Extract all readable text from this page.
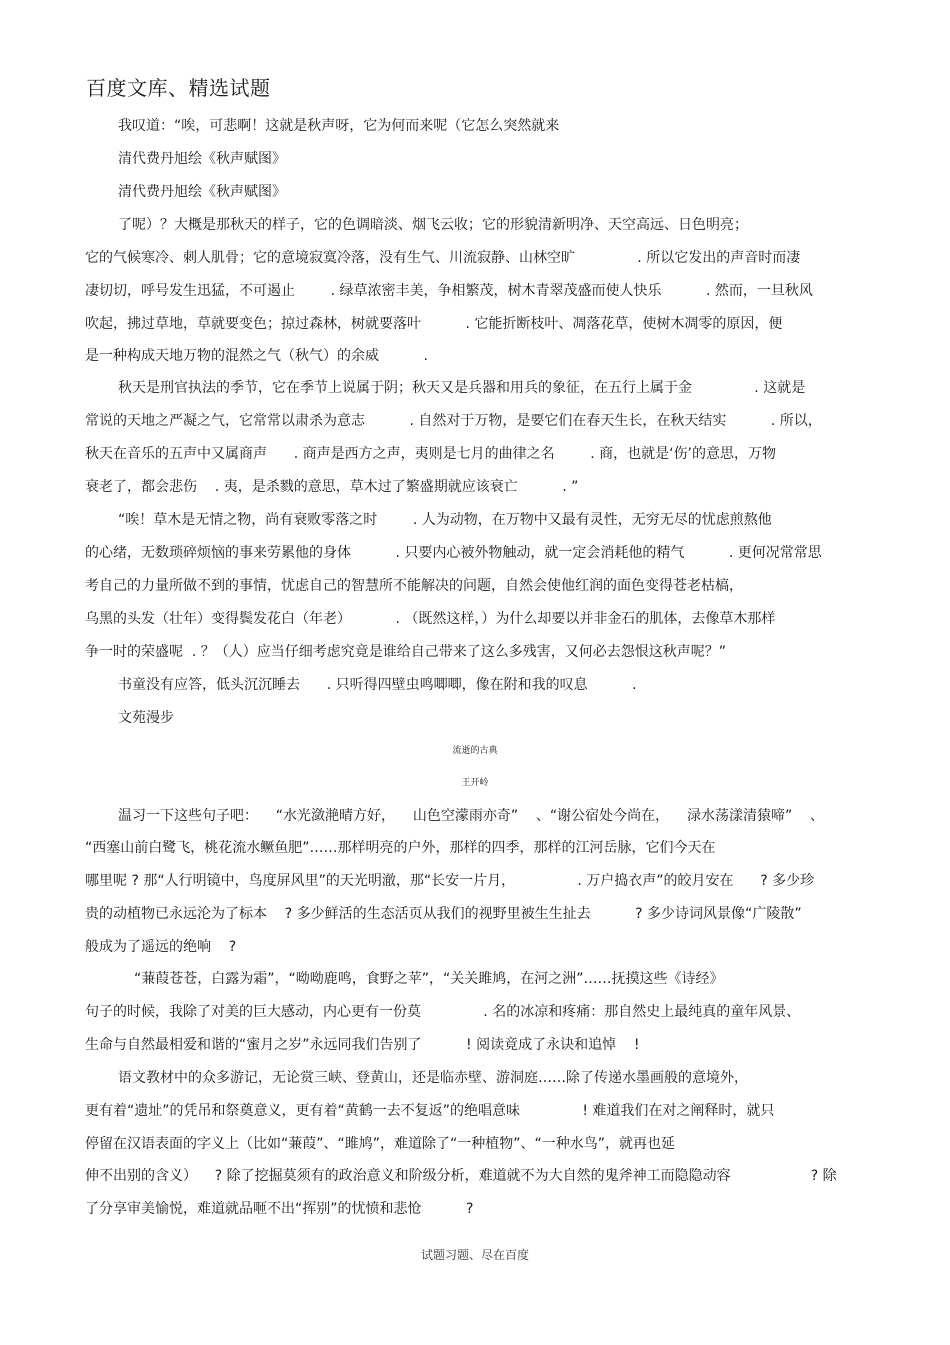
百度文库、精选试题
我叹道：“唉，可悲啊！这就是秋声呀，它为何而来呢（它怎么突然就来
清代费丹旭绘《秋声赋图》
清代费丹旭绘《秋声赋图》
了呢）？大概是那秋天的样子，它的色调暗淡、烟飞云收；它的形貌清新明净、天空高远、日色明亮；
它的气候寒冷、刺人肌骨；它的意境寂寞冷落，没有生气、川流寂静、山林空旷              . 所以它发出的声音时而凄
凄切切，呼号发生迅猛，不可遏止        . 绿草浓密丰美，争相繁茂，树木青翠茂盛而使人快乐          . 然而，一旦秋风
吹起，拂过草地，草就要变色；掠过森林，树就要落叶          . 它能折断枝叶、凋落花草，使树木凋零的原因，便
是一种构成天地万物的混然之气（秋气）的余威          .
秋天是刑官执法的季节，它在季节上说属于阴；秋天又是兵器和用兵的象征，在五行上属于金              . 这就是
常说的天地之严凝之气，它常常以肃杀为意志          . 自然对于万物，是要它们在春天生长，在秋天结实          . 所以，
秋天在音乐的五声中又属商声      . 商声是西方之声，夷则是七月的曲律之名        . 商，也就是‘伤’的意思，万物
衰老了，都会悲伤    . 夷，是杀戮的意思，草木过了繁盛期就应该衰亡          . ”
“唉！草木是无情之物，尚有衰败零落之时        . 人为动物，在万物中又最有灵性，无穷无尽的忧虑煎熬他
的心绪，无数琐碎烦恼的事来劳累他的身体          . 只要内心被外物触动，就一定会消耗他的精气          . 更何况常常思
考自己的力量所做不到的事情，忧虑自己的智慧所不能解决的问题，自然会使他红润的面色变得苍老枯槁，
乌黑的头发（壮年）变得鬓发花白（年老）          . （既然这样，）为什么却要以并非金石的肌体，去像草木那样
争一时的荣盛呢  . ？（人）应当仔细考虑究竟是谁给自己带来了这么多残害，又何必去怨恨这秋声呢？”
书童没有应答，低头沉沉睡去      . 只听得四壁虫鸣唧唧，像在附和我的叹息          .
文苑漫步
流逝的古典
王开岭
温习一下这些句子吧：    “水光潋滟晴方好，    山色空濛雨亦奇”    、“谢公宿处今尚在，    渌水荡漾清猿啼”    、
“西塞山前白鹭飞，桃花流水鳜鱼肥”……那样明亮的户外，那样的四季，那样的江河岳脉，它们今天在
哪里呢 ? 那“人行明镜中，鸟度屏风里”的天光明澈，那“长安一片月，              . 万户捣衣声”的皎月安在      ? 多少珍
贵的动植物已永远沦为了标本    ? 多少鲜活的生态活页从我们的视野里被生生扯去          ? 多少诗词风景像“广陵散”
般成为了遥远的绝响    ?
“蒹葭苍苍，白露为霜”，“呦呦鹿鸣，食野之苹”，“关关雎鸠，在河之洲”……抚摸这些《诗经》
句子的时候，我除了对美的巨大感动，内心更有一份莫              . 名的冰凉和疼痛：那自然史上最纯真的童年风景、
生命与自然最相爱和谐的“蜜月之岁”永远同我们告别了          ! 阅读竟成了永诀和追悼    !
语文教材中的众多游记，无论赏三峡、登黄山，还是临赤壁、游洞庭……除了传递水墨画般的意境外，
更有着“遗址”的凭吊和祭奠意义，更有着“黄鹤一去不复返”的绝唱意味              ! 难道我们在对之阐释时，就只
停留在汉语表面的字义上（比如“蒹葭”、“雎鸠”，难道除了“一种植物”、“一种水鸟”，就再也延
伸不出别的含义）    ? 除了挖掘莫须有的政治意义和阶级分析，难道就不为大自然的鬼斧神工而隐隐动容                  ? 除
了分享审美愉悦，难道就品咂不出“挥别”的忧愤和悲怆          ?
试题习题、尽在百度
